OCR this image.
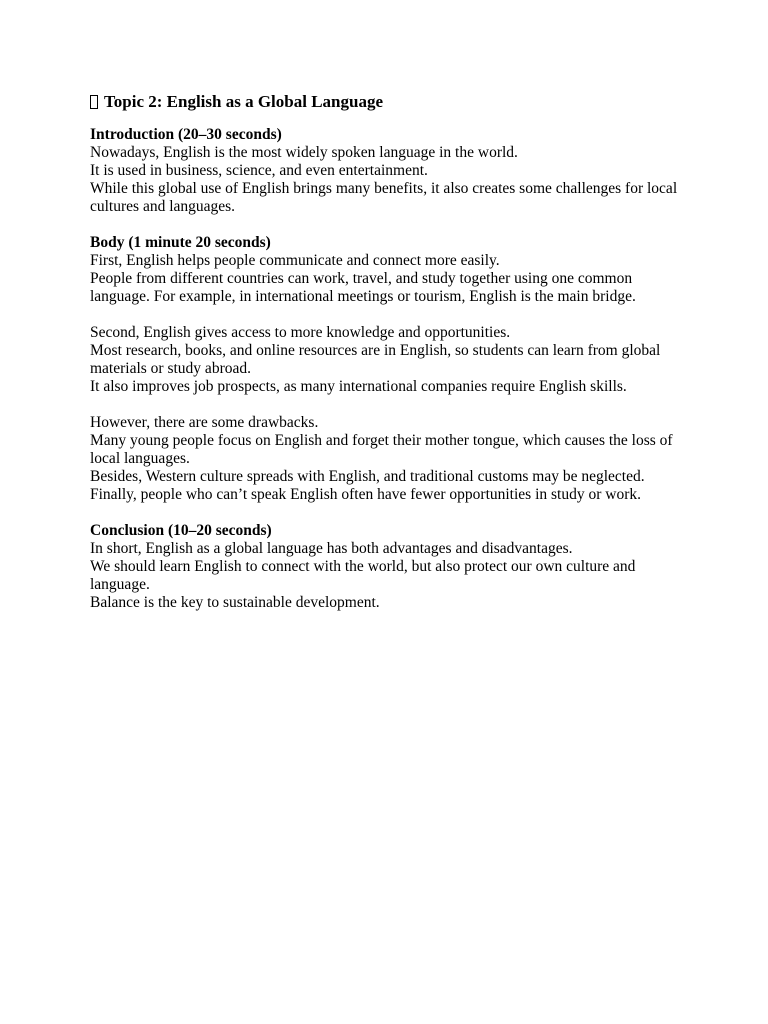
Topic 2: English as a Global Language

Introduction (20–30 seconds)

Nowadays, English is the most widely spoken language in the world.

It is used in business, science, and even entertainment.

While this global use of English brings many benefits, it also creates some challenges for local cultures and languages.

Body (1 minute 20 seconds)

First, English helps people communicate and connect more easily.

People from different countries can work, travel, and study together using one common language. For example, in international meetings or tourism, English is the main bridge.

Second, English gives access to more knowledge and opportunities.

Most research, books, and online resources are in English, so students can learn from global materials or study abroad.

It also improves job prospects, as many international companies require English skills.

However, there are some drawbacks.

Many young people focus on English and forget their mother tongue, which causes the loss of local languages.

Besides, Western culture spreads with English, and traditional customs may be neglected.

Finally, people who can’t speak English often have fewer opportunities in study or work.

Conclusion (10–20 seconds)

In short, English as a global language has both advantages and disadvantages.

We should learn English to connect with the world, but also protect our own culture and language.

Balance is the key to sustainable development.
